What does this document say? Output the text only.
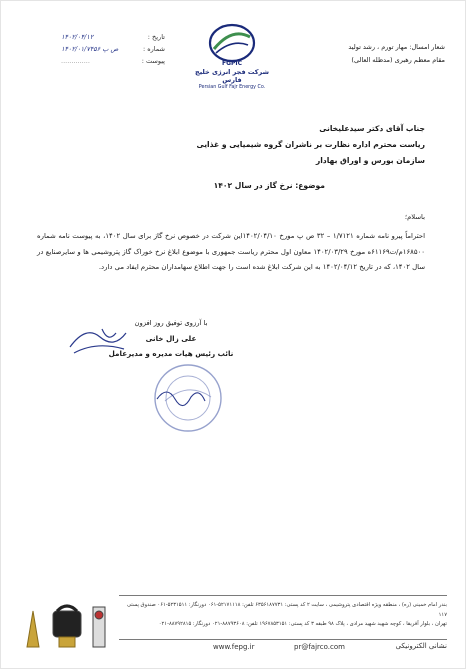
تاریخ :
۱۴۰۲/۰۴/۱۲
شماره :
۱۴۰۲/۰۱/۷۴۵۶ ص پ
پیوست :
..............	FGPIC
شرکت فجر انرژی خلیج فارس
Persian Gulf Fajr Energy Co.
شعار امسال: مهار تورم ، رشد تولید
مقام معظم رهبری (مدظله العالی)
جناب آقای دکتر سیدعلیخانی
ریاست محترم اداره نظارت بر ناشران گروه شیمیایی و غذایی
سازمان بورس و اوراق بهادار
موضوع: نرخ گاز در سال ۱۴۰۲
باسلام؛
احتراماً پیرو نامه شماره ۱/۷۱۲۱ – ۳۲ ص پ مورخ ۱۴۰۲/۰۴/۱۰این شرکت در خصوص نرخ گاز برای سال ۱۴۰۲، به پیوست نامه شماره ۱۶۸۵۰۰م/ت۶۱۱۶۹ه مورخ ۱۴۰۲/۰۳/۲۹ معاون اول محترم ریاست جمهوری با موضوع ابلاغ نرخ خوراک گاز پتروشیمی ها و سایرصنایع در سال ۱۴۰۲، که در تاریخ ۱۴۰۲/۰۴/۱۲ به این شرکت ابلاغ شده است را جهت اطلاع سهامداران محترم ایفاد می دارد.
با آرزوی توفیق روز افزون
علی زال خانی
نائب رئیس هیات مدیره و مدیرعامل
بندر امام خمینی (ره) ، منطقه ویژه اقتصادی پتروشیمی ، سایت ۲ کد پستی: ۶۳۵۶۱۸۷۷۳۱ تلفن: ۵۲۱۷۱۱۱۸-۰۶۱ دورنگار: ۵۲۳۱۵۱۱-۰۶۱ صندوق پستی ۱۱۷
تهران ، بلوار آفریقا ، کوچه شهید شهید مرادی ، پلاک ۹۸ طبقه ۳ کد پستی: ۱۹۶۷۸۵۳۱۵۱ تلفن: ۸۸۷۹۳۶۰۸-۰۲۱ دورنگار: ۸۸۷۹۲۸۱۵-۰۲۱
www.fepg.ir	pr@fajrco.com	نشانی الکترونیکی
